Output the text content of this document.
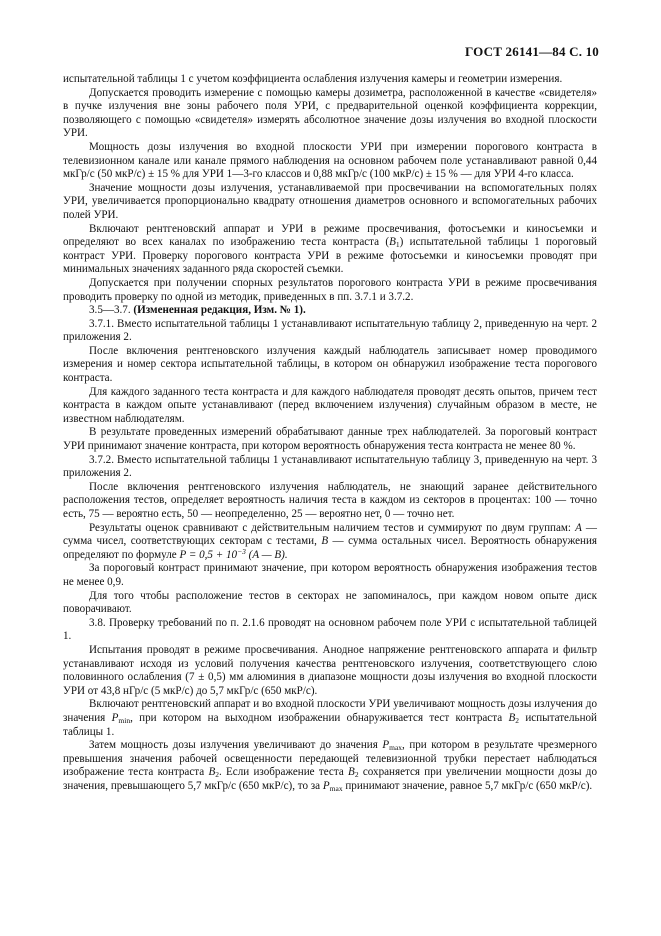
ГОСТ 26141—84 С. 10

испытательной таблицы 1 с учетом коэффициента ослабления излучения камеры и геометрии измерения.

Допускается проводить измерение с помощью камеры дозиметра, расположенной в качестве «свидетеля» в пучке излучения вне зоны рабочего поля УРИ, с предварительной оценкой коэффициента коррекции, позволяющего с помощью «свидетеля» измерять абсолютное значение дозы излучения во входной плоскости УРИ.

Мощность дозы излучения во входной плоскости УРИ при измерении порогового контраста в телевизионном канале или канале прямого наблюдения на основном рабочем поле устанавливают равной 0,44 мкГр/с (50 мкР/с) ± 15 % для УРИ 1—3-го классов и 0,88 мкГр/с (100 мкР/с) ± 15 % — для УРИ 4-го класса.

Значение мощности дозы излучения, устанавливаемой при просвечивании на вспомогательных полях УРИ, увеличивается пропорционально квадрату отношения диаметров основного и вспомогательных рабочих полей УРИ.

Включают рентгеновский аппарат и УРИ в режиме просвечивания, фотосъемки и киносъемки и определяют во всех каналах по изображению теста контраста $(B_1)$ испытательной таблицы 1 пороговый контраст УРИ. Проверку порогового контраста УРИ в режиме фотосъемки и киносъемки проводят при минимальных значениях заданного ряда скоростей съемки.

Допускается при получении спорных результатов порогового контраста УРИ в режиме просвечивания проводить проверку по одной из методик, приведенных в пп. 3.7.1 и 3.7.2.

3.5—3.7. (Измененная редакция, Изм. № 1).

3.7.1. Вместо испытательной таблицы 1 устанавливают испытательную таблицу 2, приведенную на черт. 2 приложения 2.

После включения рентгеновского излучения каждый наблюдатель записывает номер проводимого измерения и номер сектора испытательной таблицы, в котором он обнаружил изображение теста порогового контраста.

Для каждого заданного теста контраста и для каждого наблюдателя проводят десять опытов, причем тест контраста в каждом опыте устанавливают (перед включением излучения) случайным образом в месте, не известном наблюдателям.

В результате проведенных измерений обрабатывают данные трех наблюдателей. За пороговый контраст УРИ принимают значение контраста, при котором вероятность обнаружения теста контраста не менее 80 %.

3.7.2. Вместо испытательной таблицы 1 устанавливают испытательную таблицу 3, приведенную на черт. 3 приложения 2.

После включения рентгеновского излучения наблюдатель, не знающий заранее действительного расположения тестов, определяет вероятность наличия теста в каждом из секторов в процентах: 100 — точно есть, 75 — вероятно есть, 50 — неопределенно, 25 — вероятно нет, 0 — точно нет.

Результаты оценок сравнивают с действительным наличием тестов и суммируют по двум группам: A — сумма чисел, соответствующих секторам с тестами, B — сумма остальных чисел. Вероятность обнаружения определяют по формуле $P = 0,5 + 10^{-3}$ (A — B).

За пороговый контраст принимают значение, при котором вероятность обнаружения изображения тестов не менее 0,9.

Для того чтобы расположение тестов в секторах не запоминалось, при каждом новом опыте диск поворачивают.

3.8. Проверку требований по п. 2.1.6 проводят на основном рабочем поле УРИ с испытательной таблицей 1.

Испытания проводят в режиме просвечивания. Анодное напряжение рентгеновского аппарата и фильтр устанавливают исходя из условий получения качества рентгеновского излучения, соответствующего слою половинного ослабления (7 ± 0,5) мм алюминия в диапазоне мощности дозы излучения во входной плоскости УРИ от 43,8 нГр/с (5 мкР/с) до 5,7 мкГр/с (650 мкР/с).

Включают рентгеновский аппарат и во входной плоскости УРИ увеличивают мощность дозы излучения до значения $P_{min}$, при котором на выходном изображении обнаруживается тест контраста $B_2$ испытательной таблицы 1.

Затем мощность дозы излучения увеличивают до значения $P_{max}$, при котором в результате чрезмерного превышения значения рабочей освещенности передающей телевизионной трубки перестает наблюдаться изображение теста контраста $B_2$. Если изображение теста $B_2$ сохраняется при увеличении мощности дозы до значения, превышающего 5,7 мкГр/с (650 мкР/с), то за $P_{max}$ принимают значение, равное 5,7 мкГр/с (650 мкР/с).
